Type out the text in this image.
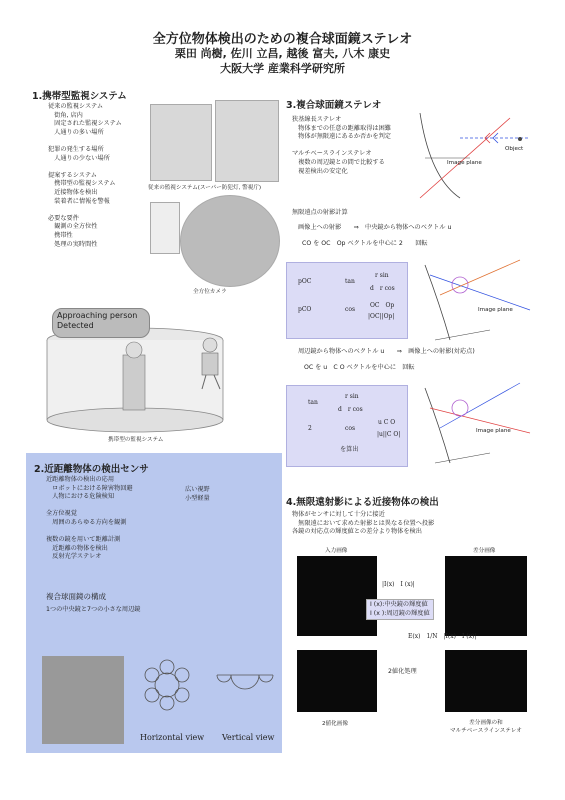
全方位物体検出のための複合球面鏡ステレオ
栗田 尚樹, 佐川 立昌, 越後 富夫, 八木 康史
大阪大学 産業科学研究所
1.携帯型監視システム
従来の監視システム
　街角, 店内
　固定された監視システム
　人通りの多い場所

犯罪の発生する場所
　人通りの少ない場所

提案するシステム
　携帯型の監視システム
　近接物体を検出
　装着者に情報を警報

必要な要件
　観測の全方位性
　携帯性
　処理の実時間性
従来の監視システム(スーパー防犯灯, 警視庁)
全方位カメラ
Approaching person
Detected
携帯型の監視システム
2.近距離物体の検出センサ
近距離物体の検出の応用
　ロボットにおける障害物回避
　人物における危険検知

全方位視覚
　周囲のあらゆる方向を観測

複数の鏡を用いて距離計測
　近距離の物体を検出
　反射光学ステレオ
広い視野
小型軽量
複合球面鏡の構成
1つの中央鏡と7つの小さな周辺鏡
Horizontal view Vertical view
3.複合球面鏡ステレオ
狭基線長ステレオ
　物体までの任意の距離取得は困難
　物体が無限遠にあるか否かを判定

マルチベースラインステレオ
　複数の周辺鏡との間で比較する
　視差検出の安定化
Object
Image plane
無限遠点の射影計算
画像上への射影　　⇒　中央鏡から物体へのベクトル u
CO を OC　Op ベクトルを中心に 2　　回転
pOC	tan
r sin
d　r cos
pCO	cos
OC　Op
|OC||Op|
Image plane
周辺鏡から物体へのベクトル u　　⇒　画像上への射影(対応点)
OC を u　C O ベクトルを中心に　回転
tan
r sin
d　r cos
2	cos
u C O
|u||C O|
を算出
Image plane
4.無限遠射影による近接物体の検出
物体がセンサに対して十分に接近
　無限遠において求めた射影とは異なる位置へ投影
各鏡の対応点の輝度値との差分より物体を検出
入力画像	差分画像
|I(x)　I (x)|
I (x):中央鏡の輝度値
I (x ):周辺鏡の輝度値
E(x)　1/N　|I(x)　I (x)|
2値化処理
2値化画像	差分画像の和
マルチベースラインステレオ
